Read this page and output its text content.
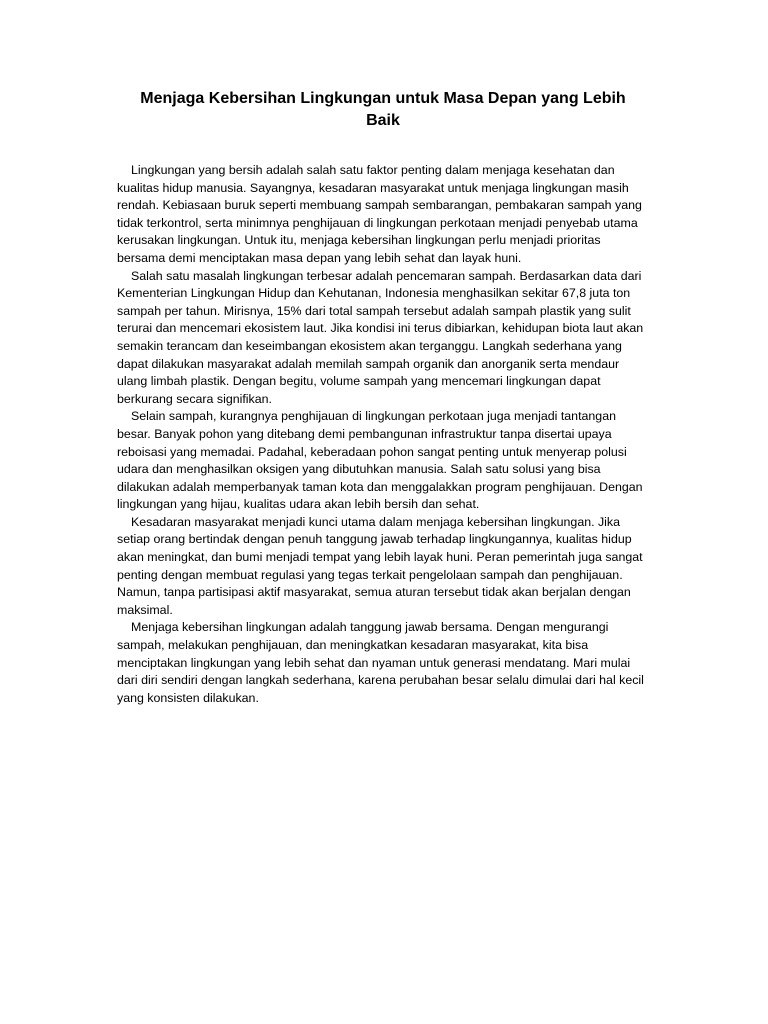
Menjaga Kebersihan Lingkungan untuk Masa Depan yang Lebih Baik

Lingkungan yang bersih adalah salah satu faktor penting dalam menjaga kesehatan dan kualitas hidup manusia. Sayangnya, kesadaran masyarakat untuk menjaga lingkungan masih rendah. Kebiasaan buruk seperti membuang sampah sembarangan, pembakaran sampah yang tidak terkontrol, serta minimnya penghijauan di lingkungan perkotaan menjadi penyebab utama kerusakan lingkungan. Untuk itu, menjaga kebersihan lingkungan perlu menjadi prioritas bersama demi menciptakan masa depan yang lebih sehat dan layak huni.

Salah satu masalah lingkungan terbesar adalah pencemaran sampah. Berdasarkan data dari Kementerian Lingkungan Hidup dan Kehutanan, Indonesia menghasilkan sekitar 67,8 juta ton sampah per tahun. Mirisnya, 15% dari total sampah tersebut adalah sampah plastik yang sulit terurai dan mencemari ekosistem laut. Jika kondisi ini terus dibiarkan, kehidupan biota laut akan semakin terancam dan keseimbangan ekosistem akan terganggu. Langkah sederhana yang dapat dilakukan masyarakat adalah memilah sampah organik dan anorganik serta mendaur ulang limbah plastik. Dengan begitu, volume sampah yang mencemari lingkungan dapat berkurang secara signifikan.

Selain sampah, kurangnya penghijauan di lingkungan perkotaan juga menjadi tantangan besar. Banyak pohon yang ditebang demi pembangunan infrastruktur tanpa disertai upaya reboisasi yang memadai. Padahal, keberadaan pohon sangat penting untuk menyerap polusi udara dan menghasilkan oksigen yang dibutuhkan manusia. Salah satu solusi yang bisa dilakukan adalah memperbanyak taman kota dan menggalakkan program penghijauan. Dengan lingkungan yang hijau, kualitas udara akan lebih bersih dan sehat.

Kesadaran masyarakat menjadi kunci utama dalam menjaga kebersihan lingkungan. Jika setiap orang bertindak dengan penuh tanggung jawab terhadap lingkungannya, kualitas hidup akan meningkat, dan bumi menjadi tempat yang lebih layak huni. Peran pemerintah juga sangat penting dengan membuat regulasi yang tegas terkait pengelolaan sampah dan penghijauan. Namun, tanpa partisipasi aktif masyarakat, semua aturan tersebut tidak akan berjalan dengan maksimal.

Menjaga kebersihan lingkungan adalah tanggung jawab bersama. Dengan mengurangi sampah, melakukan penghijauan, dan meningkatkan kesadaran masyarakat, kita bisa menciptakan lingkungan yang lebih sehat dan nyaman untuk generasi mendatang. Mari mulai dari diri sendiri dengan langkah sederhana, karena perubahan besar selalu dimulai dari hal kecil yang konsisten dilakukan.
